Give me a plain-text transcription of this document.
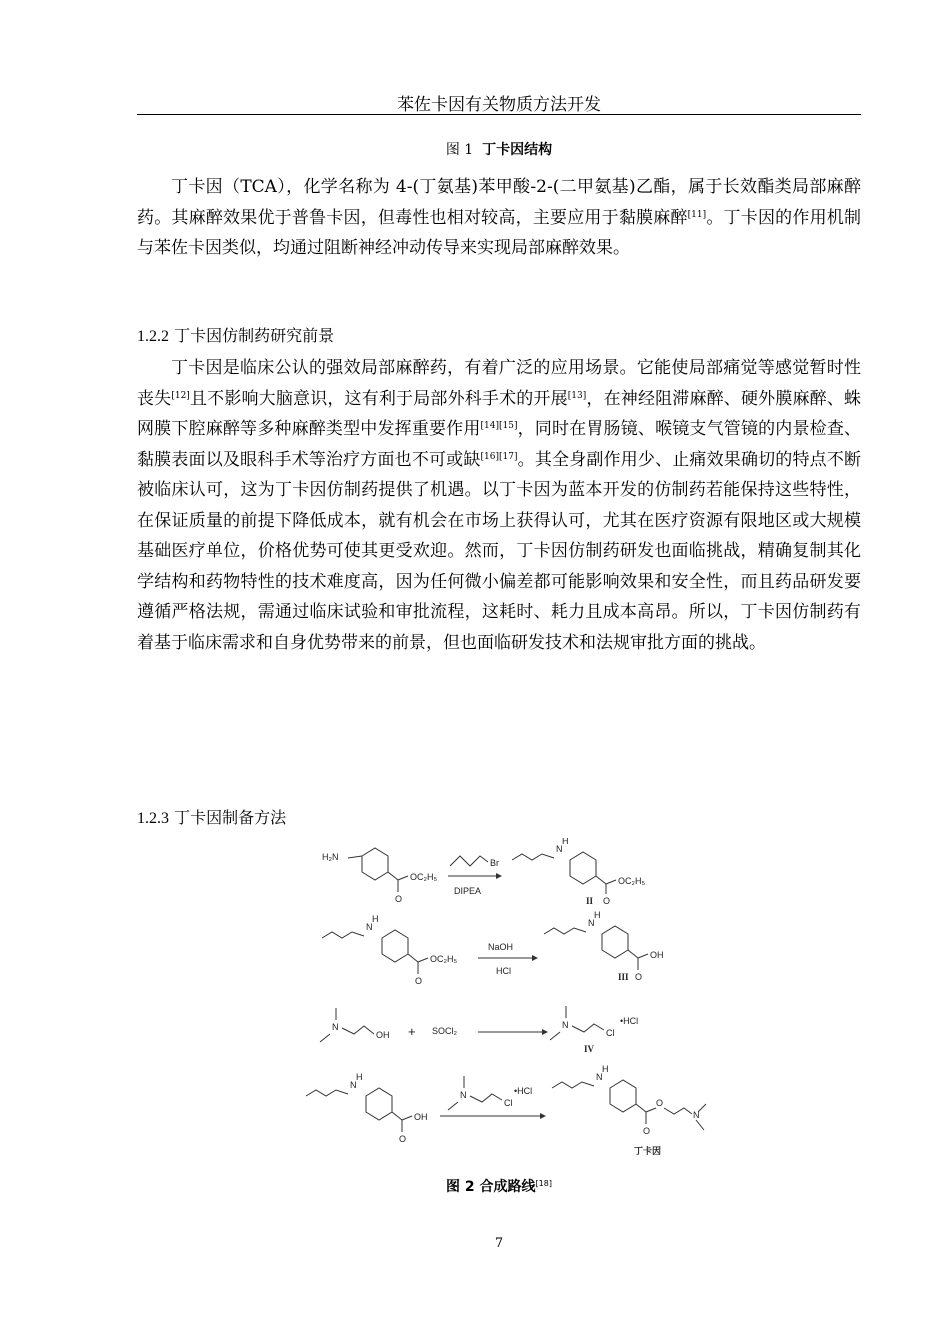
苯佐卡因有关物质方法开发
图 1 丁卡因结构

丁卡因（TCA），化学名称为 4-(丁氨基)苯甲酸-2-(二甲氨基)乙酯，属于长效酯类局部麻醉药。其麻醉效果优于普鲁卡因，但毒性也相对较高，主要应用于黏膜麻醉[11]。丁卡因的作用机制与苯佐卡因类似，均通过阻断神经冲动传导来实现局部麻醉效果。

1.2.2 丁卡因仿制药研究前景

丁卡因是临床公认的强效局部麻醉药，有着广泛的应用场景。它能使局部痛觉等感觉暂时性丧失[12]且不影响大脑意识，这有利于局部外科手术的开展[13]，在神经阻滞麻醉、硬外膜麻醉、蛛网膜下腔麻醉等多种麻醉类型中发挥重要作用[14][15]，同时在胃肠镜、喉镜支气管镜的内景检查、黏膜表面以及眼科手术等治疗方面也不可或缺[16][17]。其全身副作用少、止痛效果确切的特点不断被临床认可，这为丁卡因仿制药提供了机遇。以丁卡因为蓝本开发的仿制药若能保持这些特性，在保证质量的前提下降低成本，就有机会在市场上获得认可，尤其在医疗资源有限地区或大规模基础医疗单位，价格优势可使其更受欢迎。然而，丁卡因仿制药研发也面临挑战，精确复制其化学结构和药物特性的技术难度高，因为任何微小偏差都可能影响效果和安全性，而且药品研发要遵循严格法规，需通过临床试验和审批流程，这耗时、耗力且成本高昂。所以，丁卡因仿制药有着基于临床需求和自身优势带来的前景，但也面临研发技术和法规审批方面的挑战。

1.2.3 丁卡因制备方法
H₂N
O
OC₂H₅
Br
DIPEA
N
H
O
OC₂H₅
II
N
H
O
OC₂H₅
NaOH
HCl
N
H
O
OH
III
N
OH + SOCl₂
N
Cl
•HCl
IV
N
H
O
OH
N
Cl
•HCl
N
H
O
O
N
丁卡因
图 2 合成路线[18]
7
